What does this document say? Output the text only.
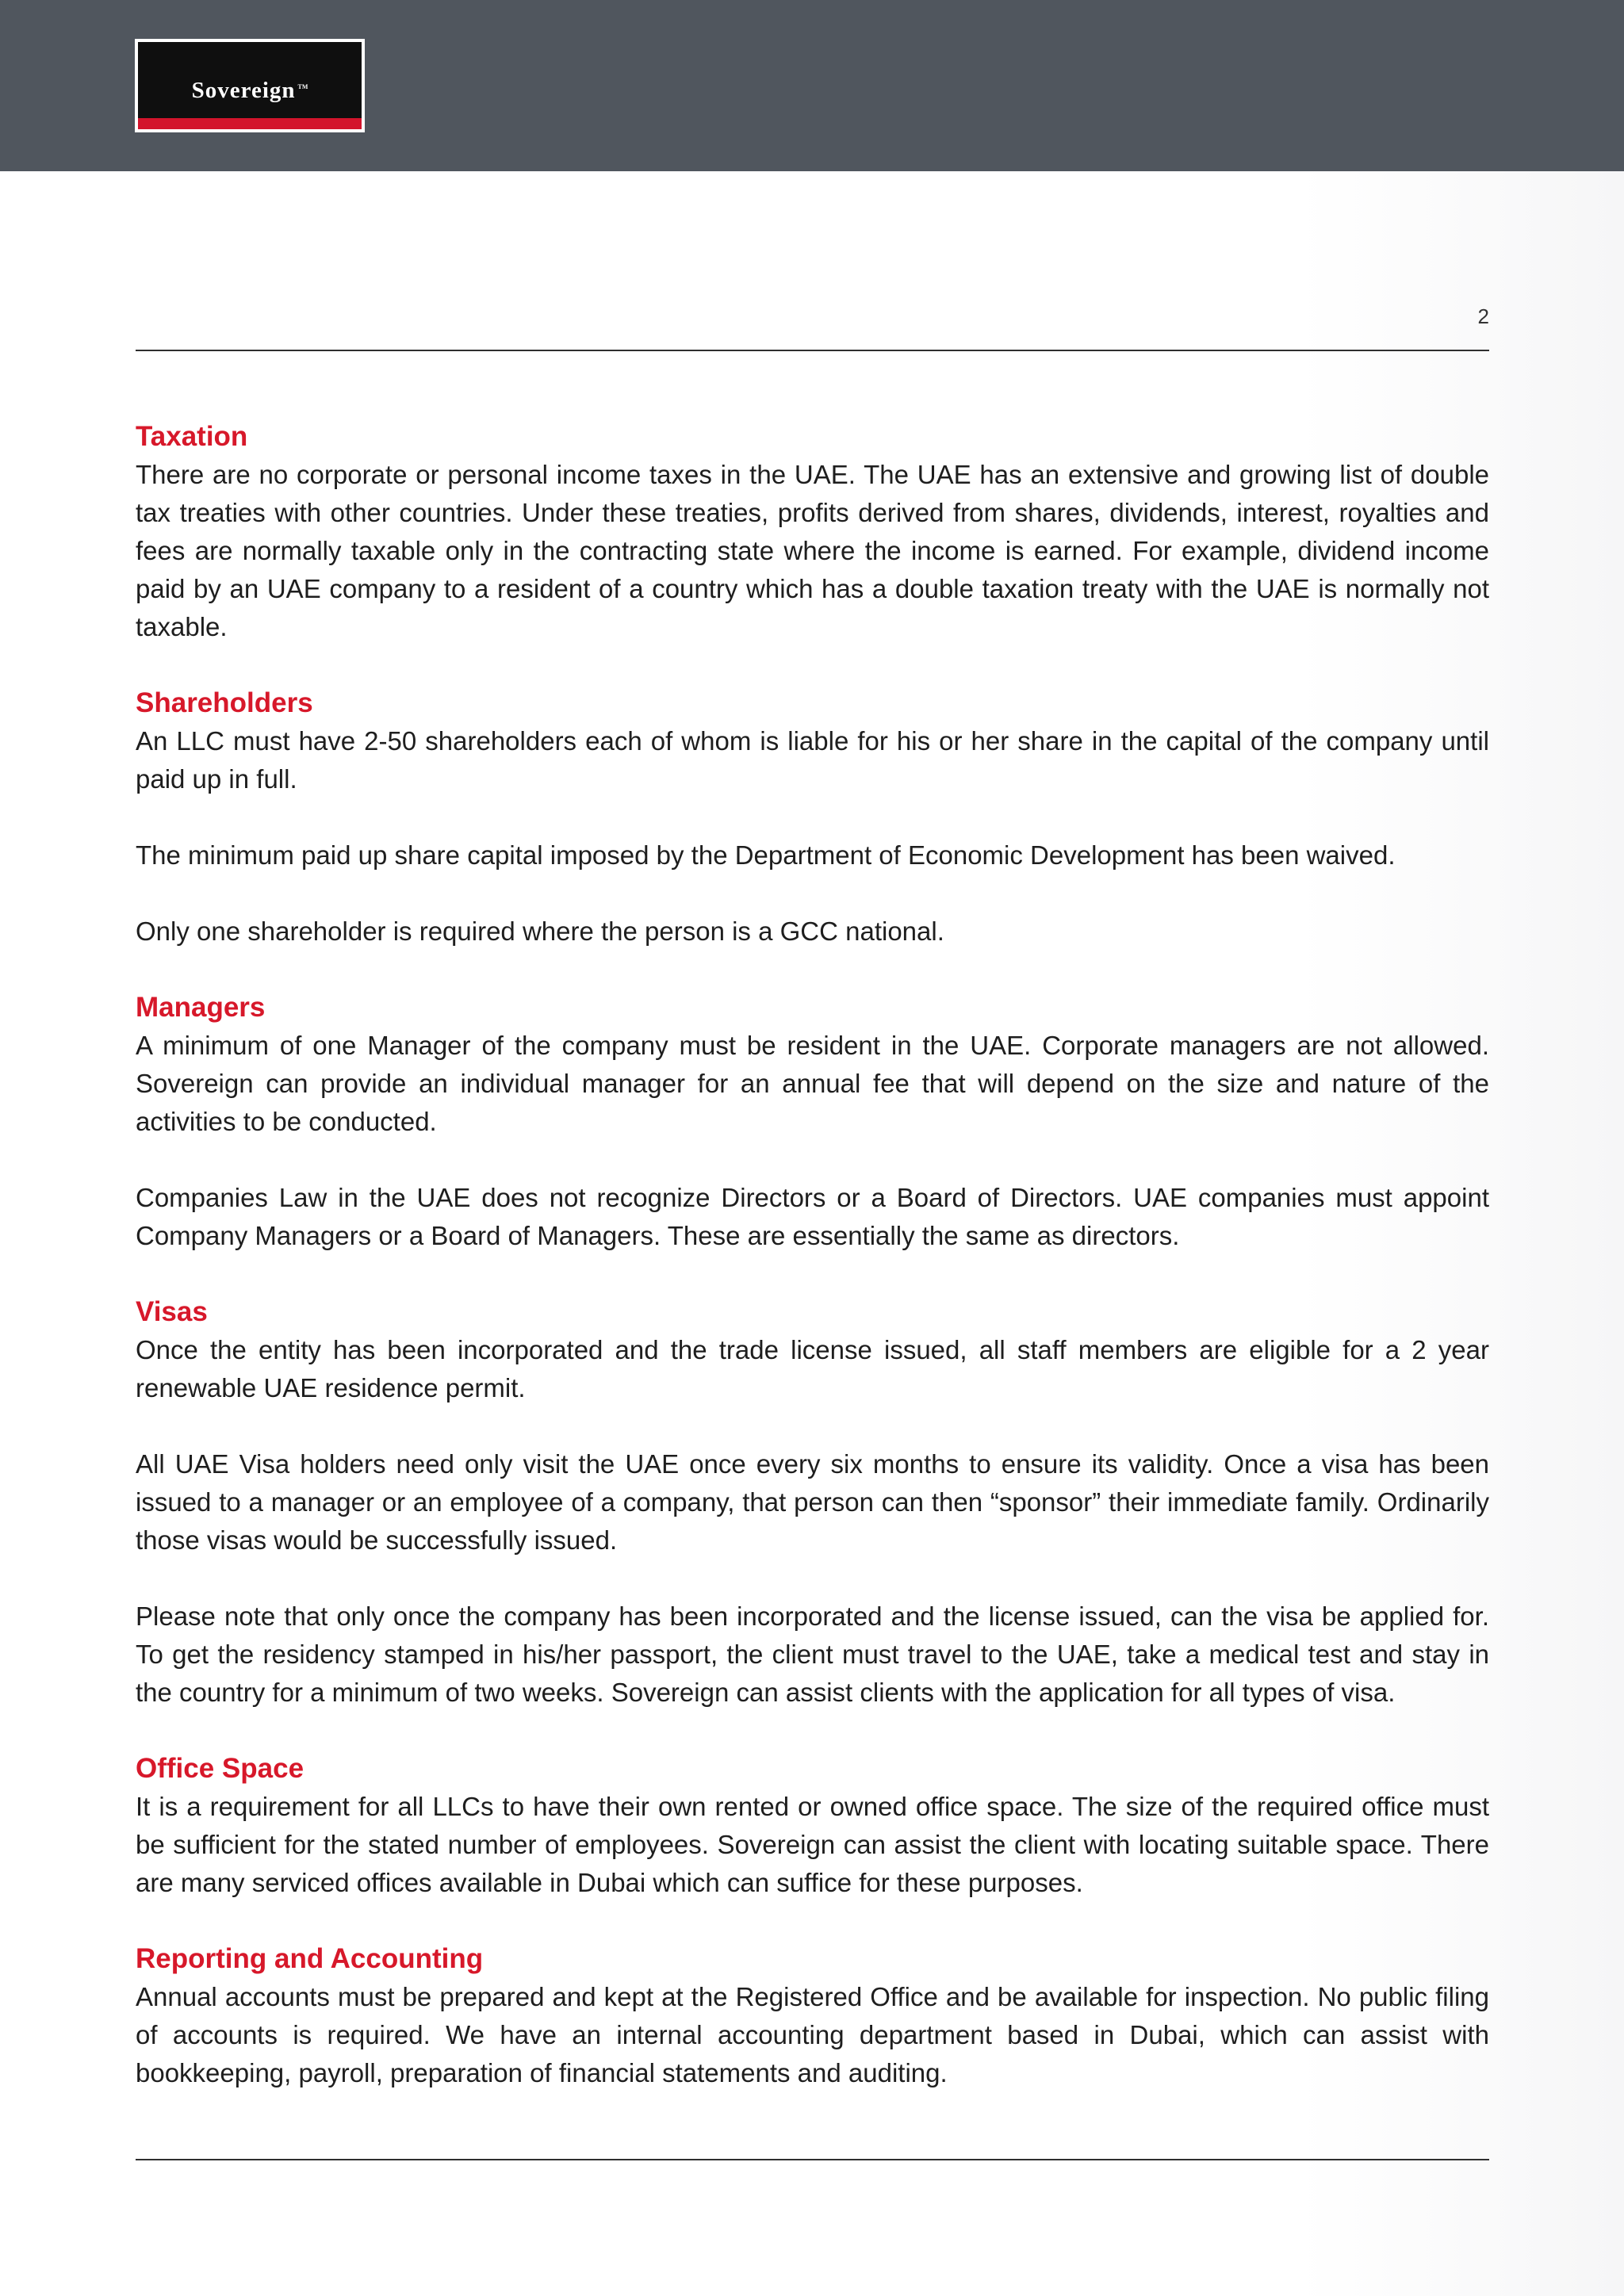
Sovereign ™
2
Taxation

There are no corporate or personal income taxes in the UAE. The UAE has an extensive and growing list of double tax treaties with other countries. Under these treaties, profits derived from shares, dividends, interest, royalties and fees are normally taxable only in the contracting state where the income is earned. For example, dividend income paid by an UAE company to a resident of a country which has a double taxation treaty with the UAE is normally not taxable.

Shareholders

An LLC must have 2-50 shareholders each of whom is liable for his or her share in the capital of the company until paid up in full.

The minimum paid up share capital imposed by the Department of Economic Development has been waived.

Only one shareholder is required where the person is a GCC national.

Managers

A minimum of one Manager of the company must be resident in the UAE. Corporate managers are not allowed. Sovereign can provide an individual manager for an annual fee that will depend on the size and nature of the activities to be conducted.

Companies Law in the UAE does not recognize Directors or a Board of Directors. UAE companies must appoint Company Managers or a Board of Managers. These are essentially the same as directors.

Visas

Once the entity has been incorporated and the trade license issued, all staff members are eligible for a 2 year renewable UAE residence permit.

All UAE Visa holders need only visit the UAE once every six months to ensure its validity. Once a visa has been issued to a manager or an employee of a company, that person can then “sponsor” their immediate family. Ordinarily those visas would be successfully issued.

Please note that only once the company has been incorporated and the license issued, can the visa be applied for. To get the residency stamped in his/her passport, the client must travel to the UAE, take a medical test and stay in the country for a minimum of two weeks. Sovereign can assist clients with the application for all types of visa.

Office Space

It is a requirement for all LLCs to have their own rented or owned office space. The size of the required office must be sufficient for the stated number of employees. Sovereign can assist the client with locating suitable space. There are many serviced offices available in Dubai which can suffice for these purposes.

Reporting and Accounting

Annual accounts must be prepared and kept at the Registered Office and be available for inspection. No public filing of accounts is required. We have an internal accounting department based in Dubai, which can assist with bookkeeping, payroll, preparation of financial statements and auditing.
